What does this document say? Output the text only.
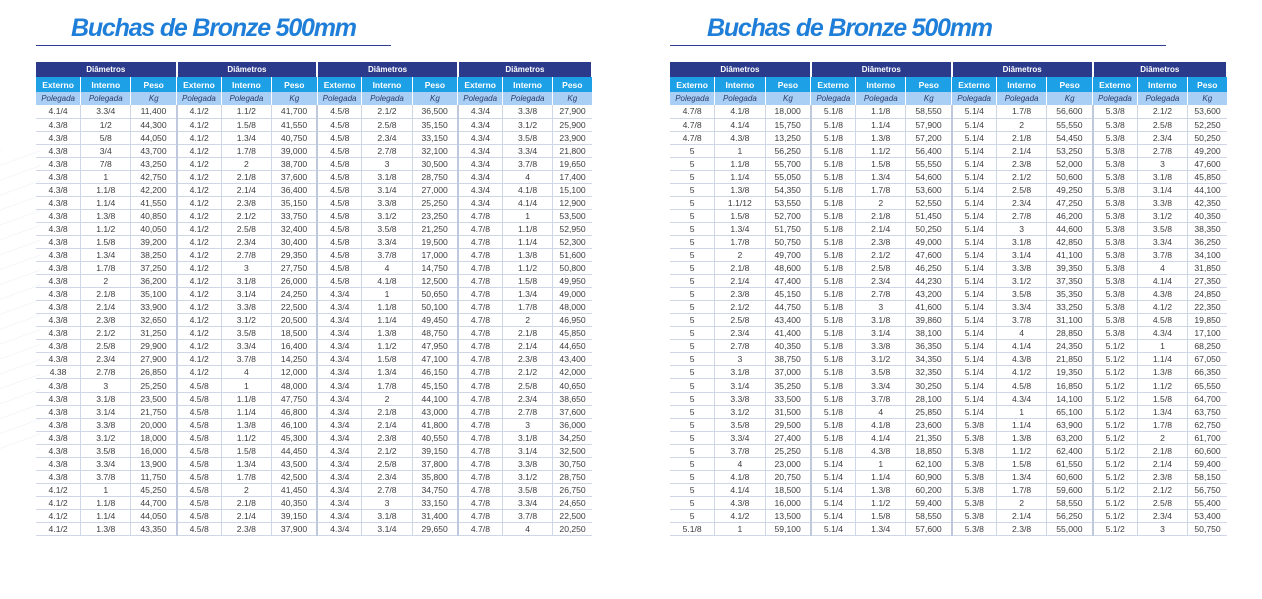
Buchas de Bronze 500mm
Diâmetros			Diâmetros			Diâmetros			Diâmetros		
Externo	Interno	Peso	Externo	Interno	Peso	Externo	Interno	Peso	Externo	Interno	Peso
Polegada	Polegada	Kg	Polegada	Polegada	Kg	Polegada	Polegada	Kg	Polegada	Polegada	Kg
4.1/4	3.3/4	11,400	4.1/2	1.1/2	41,700	4.5/8	2.1/2	36,500	4.3/4	3.3/8	27,900
4.3/8	1/2	44,300	4.1/2	1.5/8	41,550	4.5/8	2.5/8	35,150	4.3/4	3.1/2	25,900
4.3/8	5/8	44,050	4.1/2	1.3/4	40,750	4.5/8	2.3/4	33,150	4.3/4	3.5/8	23,900
4.3/8	3/4	43,700	4.1/2	1.7/8	39,000	4.5/8	2.7/8	32,100	4.3/4	3.3/4	21,800
4.3/8	7/8	43,250	4.1/2	2	38,700	4.5/8	3	30,500	4.3/4	3.7/8	19,650
4.3/8	1	42,750	4.1/2	2.1/8	37,600	4.5/8	3.1/8	28,750	4.3/4	4	17,400
4.3/8	1.1/8	42,200	4.1/2	2.1/4	36,400	4.5/8	3.1/4	27,000	4.3/4	4.1/8	15,100
4.3/8	1.1/4	41,550	4.1/2	2.3/8	35,150	4.5/8	3.3/8	25,250	4.3/4	4.1/4	12,900
4.3/8	1.3/8	40,850	4.1/2	2.1/2	33,750	4.5/8	3.1/2	23,250	4.7/8	1	53,500
4.3/8	1.1/2	40,050	4.1/2	2.5/8	32,400	4.5/8	3.5/8	21,250	4.7/8	1.1/8	52,950
4.3/8	1.5/8	39,200	4.1/2	2.3/4	30,400	4.5/8	3.3/4	19,500	4.7/8	1.1/4	52,300
4.3/8	1.3/4	38,250	4.1/2	2.7/8	29,350	4.5/8	3.7/8	17,000	4.7/8	1.3/8	51,600
4.3/8	1.7/8	37,250	4.1/2	3	27,750	4.5/8	4	14,750	4.7/8	1.1/2	50,800
4.3/8	2	36,200	4.1/2	3.1/8	26,000	4.5/8	4.1/8	12,500	4.7/8	1.5/8	49,950
4.3/8	2.1/8	35,100	4.1/2	3.1/4	24,250	4.3/4	1	50,650	4.7/8	1.3/4	49,000
4.3/8	2.1/4	33,900	4.1/2	3.3/8	22,500	4.3/4	1.1/8	50,100	4.7/8	1.7/8	48,000
4.3/8	2.3/8	32,650	4.1/2	3.1/2	20,500	4.3/4	1.1/4	49,450	4.7/8	2	46,950
4.3/8	2.1/2	31,250	4.1/2	3.5/8	18,500	4.3/4	1.3/8	48,750	4.7/8	2.1/8	45,850
4.3/8	2.5/8	29,900	4.1/2	3.3/4	16,400	4.3/4	1.1/2	47,950	4.7/8	2.1/4	44,650
4.3/8	2.3/4	27,900	4.1/2	3.7/8	14,250	4.3/4	1.5/8	47,100	4.7/8	2.3/8	43,400
4.38	2.7/8	26,850	4.1/2	4	12,000	4.3/4	1.3/4	46,150	4.7/8	2.1/2	42,000
4.3/8	3	25,250	4.5/8	1	48,000	4.3/4	1.7/8	45,150	4.7/8	2.5/8	40,650
4.3/8	3.1/8	23,500	4.5/8	1.1/8	47,750	4.3/4	2	44,100	4.7/8	2.3/4	38,650
4.3/8	3.1/4	21,750	4.5/8	1.1/4	46,800	4.3/4	2.1/8	43,000	4.7/8	2.7/8	37,600
4.3/8	3.3/8	20,000	4.5/8	1.3/8	46,100	4.3/4	2.1/4	41,800	4.7/8	3	36,000
4.3/8	3.1/2	18,000	4.5/8	1.1/2	45,300	4.3/4	2.3/8	40,550	4.7/8	3.1/8	34,250
4.3/8	3.5/8	16,000	4.5/8	1.5/8	44,450	4.3/4	2.1/2	39,150	4.7/8	3.1/4	32,500
4.3/8	3.3/4	13,900	4.5/8	1.3/4	43,500	4.3/4	2.5/8	37,800	4.7/8	3.3/8	30,750
4.3/8	3.7/8	11,750	4.5/8	1.7/8	42,500	4.3/4	2.3/4	35,800	4.7/8	3.1/2	28,750
4.1/2	1	45,250	4.5/8	2	41,450	4.3/4	2.7/8	34,750	4.7/8	3.5/8	26,750
4.1/2	1.1/8	44,700	4.5/8	2.1/8	40,350	4.3/4	3	33,150	4.7/8	3.3/4	24,650
4.1/2	1.1/4	44,050	4.5/8	2.1/4	39,150	4.3/4	3.1/8	31,400	4.7/8	3.7/8	22,500
4.1/2	1.3/8	43,350	4.5/8	2.3/8	37,900	4.3/4	3.1/4	29,650	4.7/8	4	20,250
Buchas de Bronze 500mm
Diâmetros			Diâmetros			Diâmetros			Diâmetros		
Externo	Interno	Peso	Externo	Interno	Peso	Externo	Interno	Peso	Externo	Interno	Peso
Polegada	Polegada	Kg	Polegada	Polegada	Kg	Polegada	Polegada	Kg	Polegada	Polegada	Kg
4.7/8	4.1/8	18,000	5.1/8	1.1/8	58,550	5.1/4	1.7/8	56,600	5.3/8	2.1/2	53,600
4.7/8	4.1/4	15,750	5.1/8	1.1/4	57,900	5.1/4	2	55,550	5.3/8	2.5/8	52,250
4.7/8	4.3/8	13,250	5.1/8	1.3/8	57,200	5.1/4	2.1/8	54,450	5.3/8	2.3/4	50,250
5	1	56,250	5.1/8	1.1/2	56,400	5.1/4	2.1/4	53,250	5.3/8	2.7/8	49,200
5	1.1/8	55,700	5.1/8	1.5/8	55,550	5.1/4	2.3/8	52,000	5.3/8	3	47,600
5	1.1/4	55,050	5.1/8	1.3/4	54,600	5.1/4	2.1/2	50,600	5.3/8	3.1/8	45,850
5	1.3/8	54,350	5.1/8	1.7/8	53,600	5.1/4	2.5/8	49,250	5.3/8	3.1/4	44,100
5	1.1/12	53,550	5.1/8	2	52,550	5.1/4	2.3/4	47,250	5.3/8	3.3/8	42,350
5	1.5/8	52,700	5.1/8	2.1/8	51,450	5.1/4	2.7/8	46,200	5.3/8	3.1/2	40,350
5	1.3/4	51,750	5.1/8	2.1/4	50,250	5.1/4	3	44,600	5.3/8	3.5/8	38,350
5	1.7/8	50,750	5.1/8	2.3/8	49,000	5.1/4	3.1/8	42,850	5.3/8	3.3/4	36,250
5	2	49,700	5.1/8	2.1/2	47,600	5.1/4	3.1/4	41,100	5.3/8	3.7/8	34,100
5	2.1/8	48,600	5.1/8	2.5/8	46,250	5.1/4	3.3/8	39,350	5.3/8	4	31,850
5	2.1/4	47,400	5.1/8	2.3/4	44,230	5.1/4	3.1/2	37,350	5.3/8	4.1/4	27,350
5	2.3/8	45,150	5.1/8	2.7/8	43,200	5.1/4	3.5/8	35,350	5.3/8	4.3/8	24,850
5	2.1/2	44,750	5.1/8	3	41,600	5.1/4	3.3/4	33,250	5.3/8	4.1/2	22,350
5	2.5/8	43,400	5.1/8	3.1/8	39,860	5.1/4	3.7/8	31,100	5.3/8	4.5/8	19,850
5	2.3/4	41,400	5.1/8	3.1/4	38,100	5.1/4	4	28,850	5.3/8	4.3/4	17,100
5	2.7/8	40,350	5.1/8	3.3/8	36,350	5.1/4	4.1/4	24,350	5.1/2	1	68,250
5	3	38,750	5.1/8	3.1/2	34,350	5.1/4	4.3/8	21,850	5.1/2	1.1/4	67,050
5	3.1/8	37,000	5.1/8	3.5/8	32,350	5.1/4	4.1/2	19,350	5.1/2	1.3/8	66,350
5	3.1/4	35,250	5.1/8	3.3/4	30,250	5.1/4	4.5/8	16,850	5.1/2	1.1/2	65,550
5	3.3/8	33,500	5.1/8	3.7/8	28,100	5.1/4	4.3/4	14,100	5.1/2	1.5/8	64,700
5	3.1/2	31,500	5.1/8	4	25,850	5.1/4	1	65,100	5.1/2	1.3/4	63,750
5	3.5/8	29,500	5.1/8	4.1/8	23,600	5.3/8	1.1/4	63,900	5.1/2	1.7/8	62,750
5	3.3/4	27,400	5.1/8	4.1/4	21,350	5.3/8	1.3/8	63,200	5.1/2	2	61,700
5	3.7/8	25,250	5.1/8	4.3/8	18,850	5.3/8	1.1/2	62,400	5.1/2	2.1/8	60,600
5	4	23,000	5.1/4	1	62,100	5.3/8	1.5/8	61,550	5.1/2	2.1/4	59,400
5	4.1/8	20,750	5.1/4	1.1/4	60,900	5.3/8	1.3/4	60,600	5.1/2	2.3/8	58,150
5	4.1/4	18,500	5.1/4	1.3/8	60,200	5.3/8	1.7/8	59,600	5.1/2	2.1/2	56,750
5	4.3/8	16,000	5.1/4	1.1/2	59,400	5.3/8	2	58,550	5.1/2	2.5/8	55,400
5	4.1/2	13,500	5.1/4	1.5/8	58,550	5.3/8	2.1/4	56,250	5.1/2	2.3/4	53,400
5.1/8	1	59,100	5.1/4	1.3/4	57,600	5.3/8	2.3/8	55,000	5.1/2	3	50,750
